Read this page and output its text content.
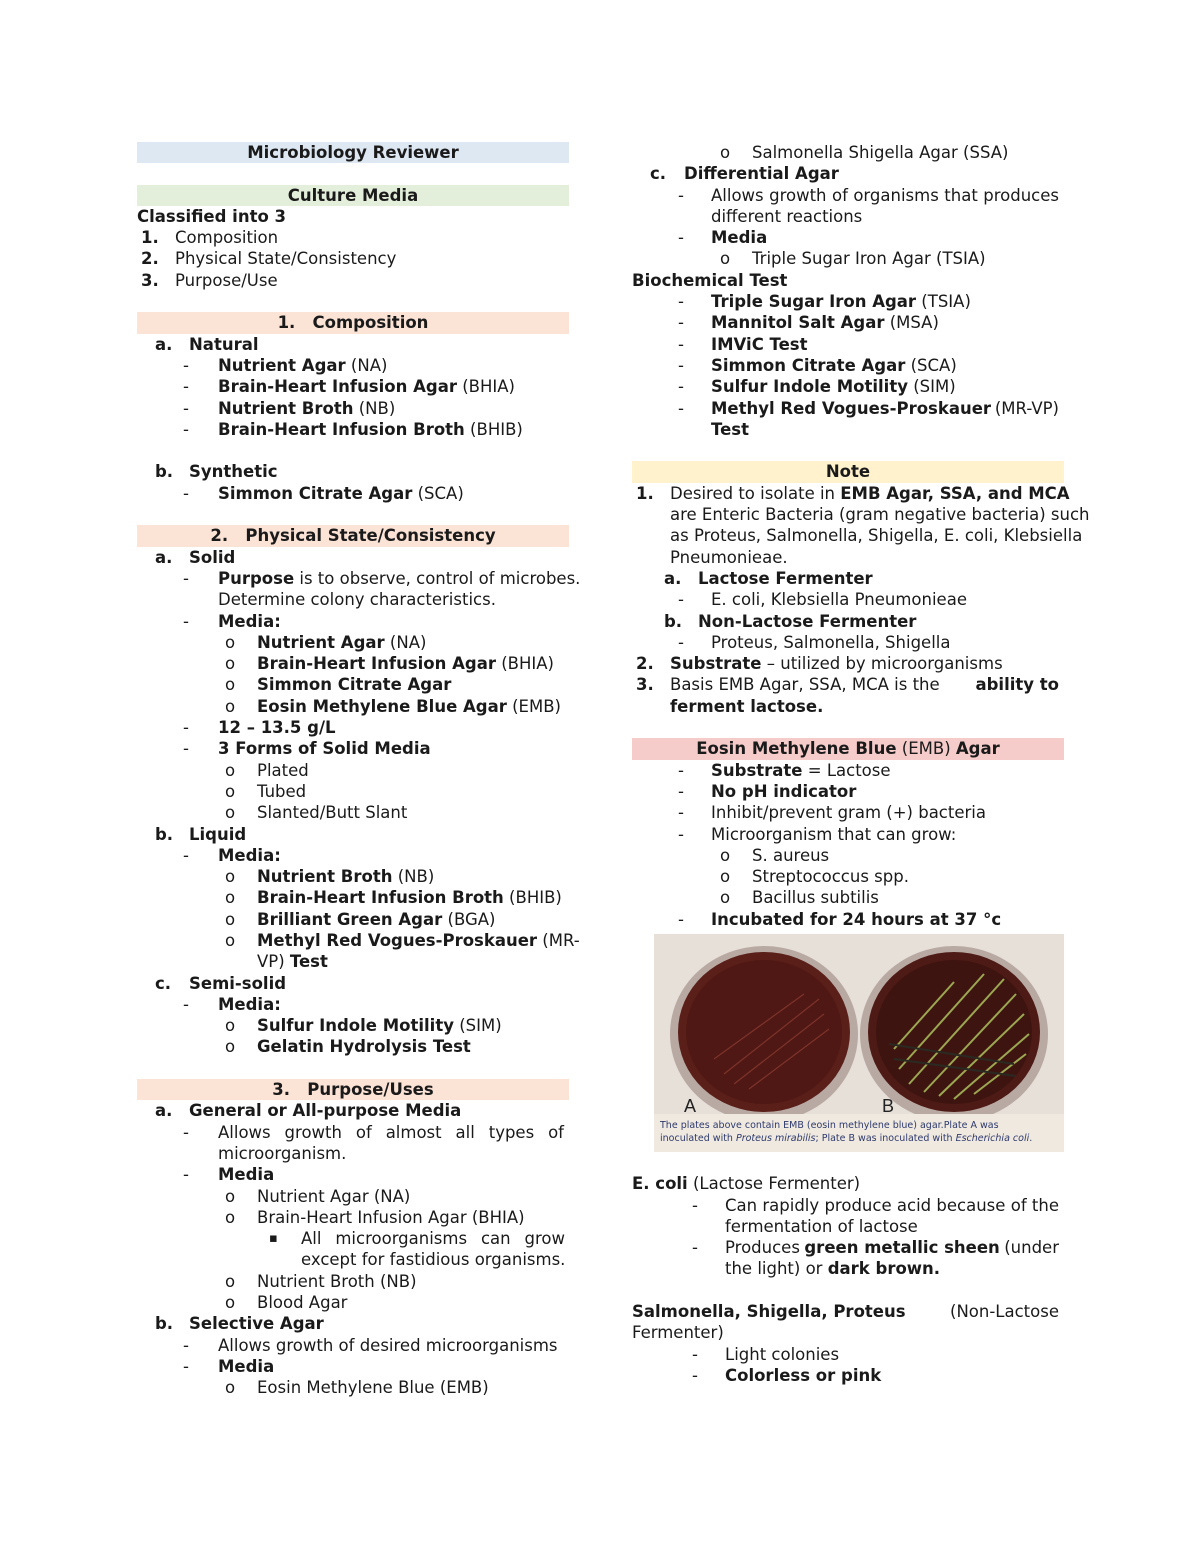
Microbiology Reviewer
Culture Media
Classified into 3
1. Composition
2. Physical State/Consistency
3. Purpose/Use
1. Composition
a. Natural
- Nutrient Agar (NA)
- Brain-Heart Infusion Agar (BHIA)
- Nutrient Broth (NB)
- Brain-Heart Infusion Broth (BHIB)
b. Synthetic
- Simmon Citrate Agar (SCA)
2. Physical State/Consistency
a. Solid
- Purpose is to observe, control of microbes.
Determine colony characteristics.
- Media:
o Nutrient Agar (NA)
o Brain-Heart Infusion Agar (BHIA)
o Simmon Citrate Agar
o Eosin Methylene Blue Agar (EMB)
- 12 – 13.5 g/L
- 3 Forms of Solid Media
o Plated
o Tubed
o Slanted/Butt Slant
b. Liquid
- Media:
o Nutrient Broth (NB)
o Brain-Heart Infusion Broth (BHIB)
o Brilliant Green Agar (BGA)
o Methyl Red Vogues-Proskauer (MR-
VP) Test
c. Semi-solid
- Media:
o Sulfur Indole Motility (SIM)
o Gelatin Hydrolysis Test
3. Purpose/Uses
a. General or All-purpose Media
- Allows growth of almost all types of
microorganism.
- Media
o Nutrient Agar (NA)
o Brain-Heart Infusion Agar (BHIA)
▪ All microorganisms can grow
except for fastidious organisms.
o Nutrient Broth (NB)
o Blood Agar
b. Selective Agar
- Allows growth of desired microorganisms
- Media
o Eosin Methylene Blue (EMB)
o Salmonella Shigella Agar (SSA)
c. Differential Agar
- Allows growth of organisms that produces
different reactions
- Media
o Triple Sugar Iron Agar (TSIA)
Biochemical Test
- Triple Sugar Iron Agar (TSIA)
- Mannitol Salt Agar (MSA)
- IMViC Test
- Simmon Citrate Agar (SCA)
- Sulfur Indole Motility (SIM)
- Methyl Red Vogues-Proskauer (MR-VP)
Test
Note
1. Desired to isolate in EMB Agar, SSA, and MCA
are Enteric Bacteria (gram negative bacteria) such
as Proteus, Salmonella, Shigella, E. coli, Klebsiella
Pneumonieae.
a. Lactose Fermenter
- E. coli, Klebsiella Pneumonieae
b. Non-Lactose Fermenter
- Proteus, Salmonella, Shigella
2. Substrate – utilized by microorganisms
3. Basis EMB Agar, SSA, MCA is the ability to
ferment lactose.
Eosin Methylene Blue (EMB) Agar
- Substrate = Lactose
- No pH indicator
- Inhibit/prevent gram (+) bacteria
- Microorganism that can grow:
o S. aureus
o Streptococcus spp.
o Bacillus subtilis
- Incubated for 24 hours at 37 °c
A	B
The plates above contain EMB (eosin methylene blue) agar.Plate A was
inoculated with Proteus mirabilis; Plate B was inoculated with Escherichia coli.
E. coli (Lactose Fermenter)
- Can rapidly produce acid because of the
fermentation of lactose
- Produces green metallic sheen (under
the light) or dark brown.
Salmonella, Shigella, Proteus	(Non-Lactose
Fermenter)
- Light colonies
- Colorless or pink
